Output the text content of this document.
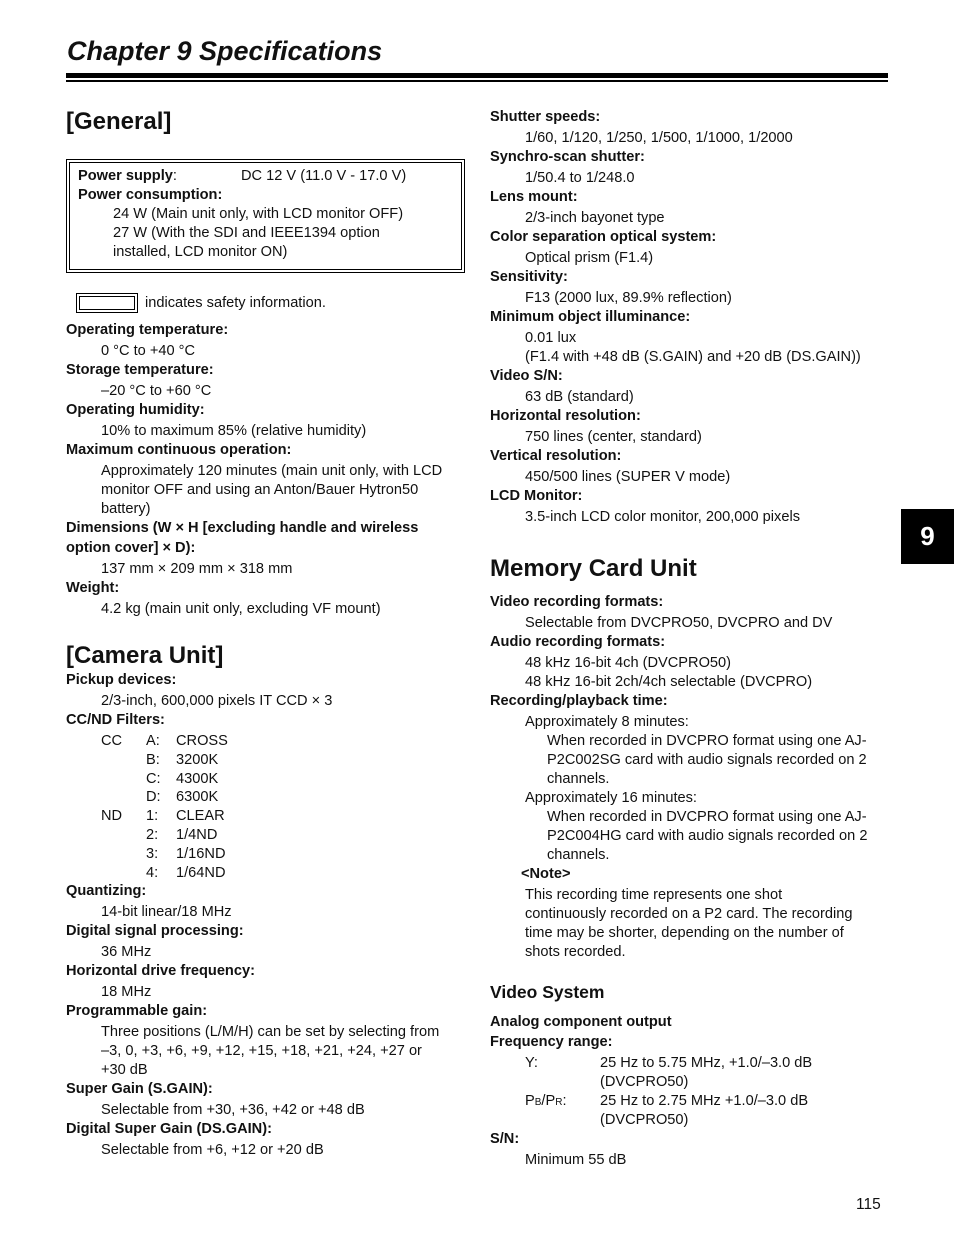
Chapter 9 Specifications
9
[General]
Power supply:	DC 12 V (11.0 V - 17.0 V)
Power consumption:
24 W (Main unit only, with LCD monitor OFF)
27 W (With the SDI and IEEE1394 option
installed, LCD monitor ON)
indicates safety information.
Operating temperature:
0 °C to +40 °C
Storage temperature:
–20 °C to +60 °C
Operating humidity:
10% to maximum 85% (relative humidity)
Maximum continuous operation:
Approximately 120 minutes (main unit only, with LCD
monitor OFF and using an Anton/Bauer Hytron50
battery)
Dimensions (W × H [excluding handle and wireless
option cover] × D):
137 mm × 209 mm × 318 mm
Weight:
4.2 kg (main unit only, excluding VF mount)
[Camera Unit]
Pickup devices:
2/3-inch, 600,000 pixels IT CCD × 3
CC/ND Filters:
CC	A:	CROSS
	B:	3200K
	C:	4300K
	D:	6300K
ND	1:	CLEAR
	2:	1/4ND
	3:	1/16ND
	4:	1/64ND
Quantizing:
14-bit linear/18 MHz
Digital signal processing:
36 MHz
Horizontal drive frequency:
18 MHz
Programmable gain:
Three positions (L/M/H) can be set by selecting from
–3, 0, +3, +6, +9, +12, +15, +18, +21, +24, +27 or
+30 dB
Super Gain (S.GAIN):
Selectable from +30, +36, +42 or +48 dB
Digital Super Gain (DS.GAIN):
Selectable from +6, +12 or +20 dB
Shutter speeds:
1/60, 1/120, 1/250, 1/500, 1/1000, 1/2000
Synchro-scan shutter:
1/50.4 to 1/248.0
Lens mount:
2/3-inch bayonet type
Color separation optical system:
Optical prism (F1.4)
Sensitivity:
F13 (2000 lux, 89.9% reflection)
Minimum object illuminance:
0.01 lux
(F1.4 with +48 dB (S.GAIN) and +20 dB (DS.GAIN))
Video S/N:
63 dB (standard)
Horizontal resolution:
750 lines (center, standard)
Vertical resolution:
450/500 lines (SUPER V mode)
LCD Monitor:
3.5-inch LCD color monitor, 200,000 pixels
Memory Card Unit
Video recording formats:
Selectable from DVCPRO50, DVCPRO and DV
Audio recording formats:
48 kHz 16-bit 4ch (DVCPRO50)
48 kHz 16-bit 2ch/4ch selectable (DVCPRO)
Recording/playback time:
Approximately 8 minutes:
When recorded in DVCPRO format using one AJ-
P2C002SG card with audio signals recorded on 2
channels.
Approximately 16 minutes:
When recorded in DVCPRO format using one AJ-
P2C004HG card with audio signals recorded on 2
channels.
<Note>
This recording time represents one shot
continuously recorded on a P2 card. The recording
time may be shorter, depending on the number of
shots recorded.
Video System
Analog component output
Frequency range:
Y:	25 Hz to 5.75 MHz, +1.0/–3.0 dB
(DVCPRO50)
PB/PR:	25 Hz to 2.75 MHz +1.0/–3.0 dB
(DVCPRO50)
S/N:
Minimum 55 dB
115
